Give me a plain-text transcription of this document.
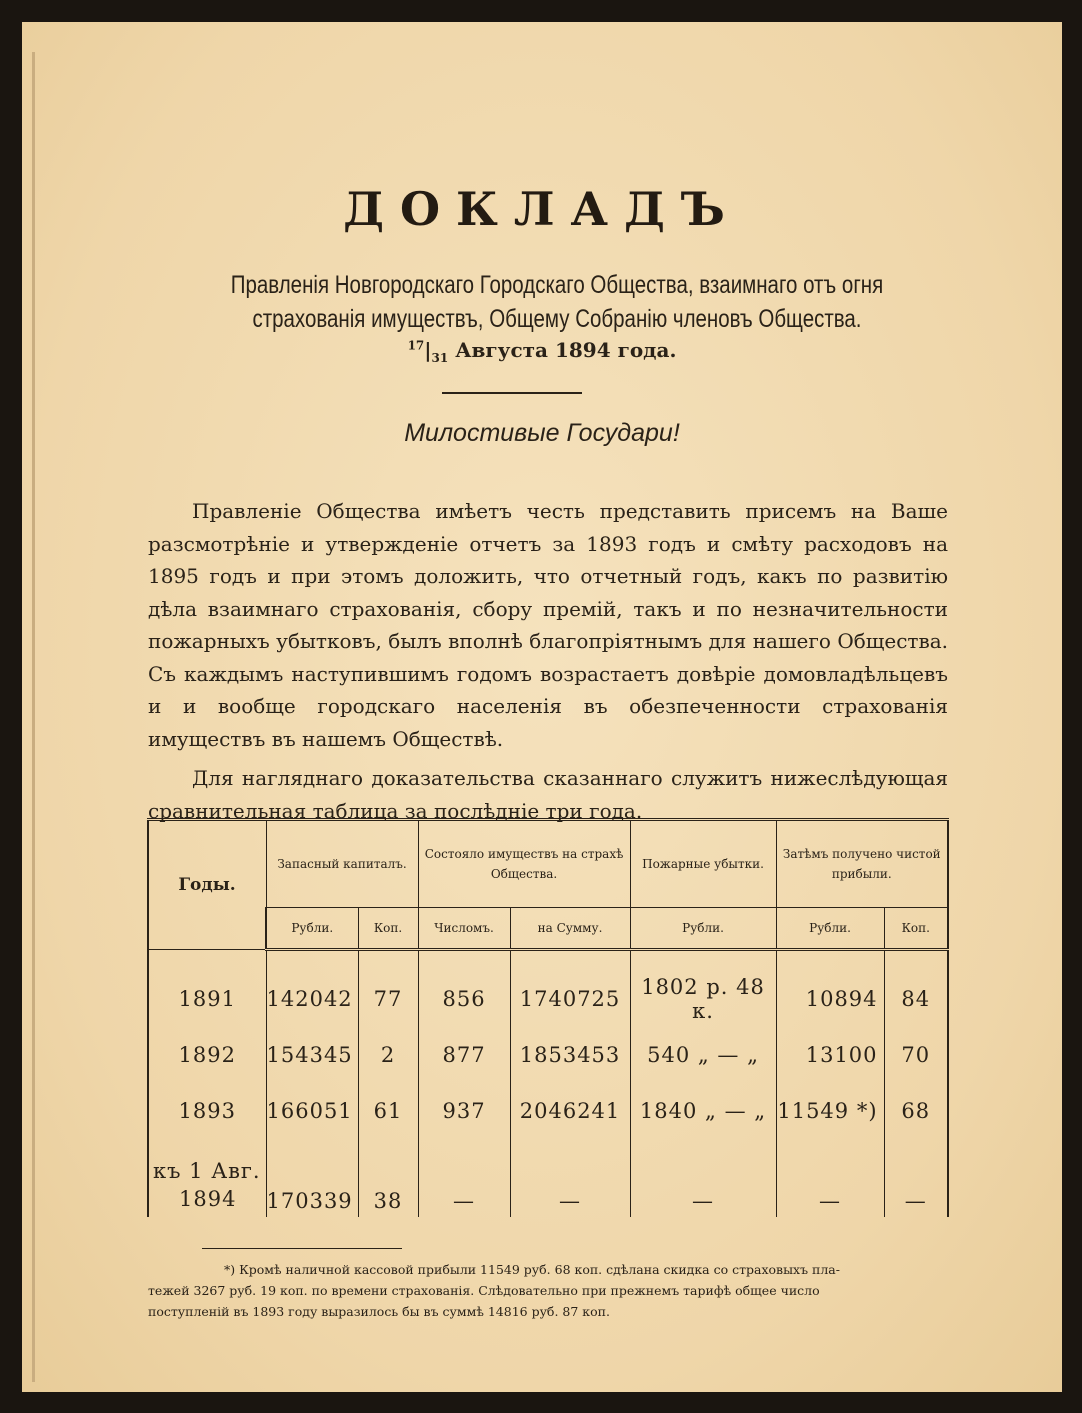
ДОКЛАДЪ
Правленія Новгородскаго Городскаго Общества, взаимнаго отъ огня страхованія имуществъ, Общему Собранію членовъ Общества.
$^{17}|_{31}$ Августа 1894 года.
Милостивые Государи!
Правленіе Общества имѣетъ честь представить присемъ на Ваше разсмотрѣніе и утвержденіе отчетъ за 1893 годъ и смѣту расходовъ на 1895 годъ и при этомъ доложить, что отчетный годъ, какъ по развитію дѣла взаимнаго страхованія, сбору премій, такъ и по незначительности пожарныхъ убытковъ, былъ вполнѣ благопріятнымъ для нашего Общества. Съ каждымъ наступившимъ годомъ возрастаетъ довѣріе домовладѣльцевъ и и вообще городскаго населенія въ обезпеченности страхованія имуществъ въ нашемъ Обществѣ.
Для нагляднаго доказательства сказаннаго служитъ нижеслѣдующая сравнительная таблица за послѣдніе три года.
Годы.	Запасный капиталъ.		Состояло имуществъ на страхѣ Общества.		Пожарные убытки.	Затѣмъ получено чистой прибыли.	
	Рубли.	Коп.	Числомъ.	на Сумму.	Рубли.	Рубли.	Коп.
1891	142042	77	856	1740725	1802 р. 48 к.	10894	84
1892	154345	2	877	1853453	540 „ — „	13100	70
1893	166051	61	937	2046241	1840 „ — „	11549 *)	68

къ 1 Авг.
1894	170339	38	—	—	—	—	—
*) Кромѣ наличной кассовой прибыли 11549 руб. 68 коп. сдѣлана скидка со страховыхъ пла-
тежей 3267 руб. 19 коп. по времени страхованія. Слѣдовательно при прежнемъ тарифѣ общее число
поступленій въ 1893 году выразилось бы въ суммѣ 14816 руб. 87 коп.
